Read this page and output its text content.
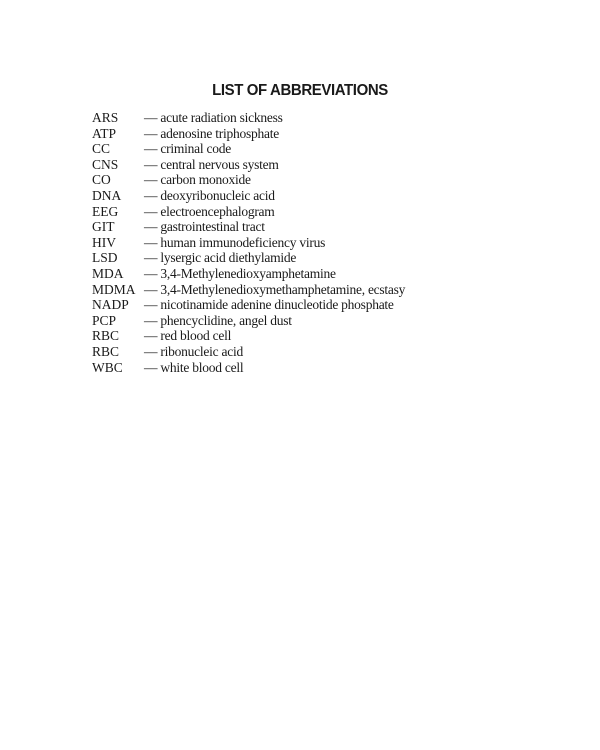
LIST OF ABBREVIATIONS
ARS	— acute radiation sickness
ATP	— adenosine triphosphate
CC	— criminal code
CNS	— central nervous system
CO	— carbon monoxide
DNA	— deoxyribonucleic acid
EEG	— electroencephalogram
GIT	— gastrointestinal tract
HIV	— human immunodeficiency virus
LSD	— lysergic acid diethylamide
MDA	— 3,4-Methylenedioxyamphetamine
MDMA — 3,4-Methylenedioxymethamphetamine, ecstasy
NADP	— nicotinamide adenine dinucleotide phosphate
PCP	— phencyclidine, angel dust
RBC	— red blood cell
RBC	— ribonucleic acid
WBC	— white blood cell
